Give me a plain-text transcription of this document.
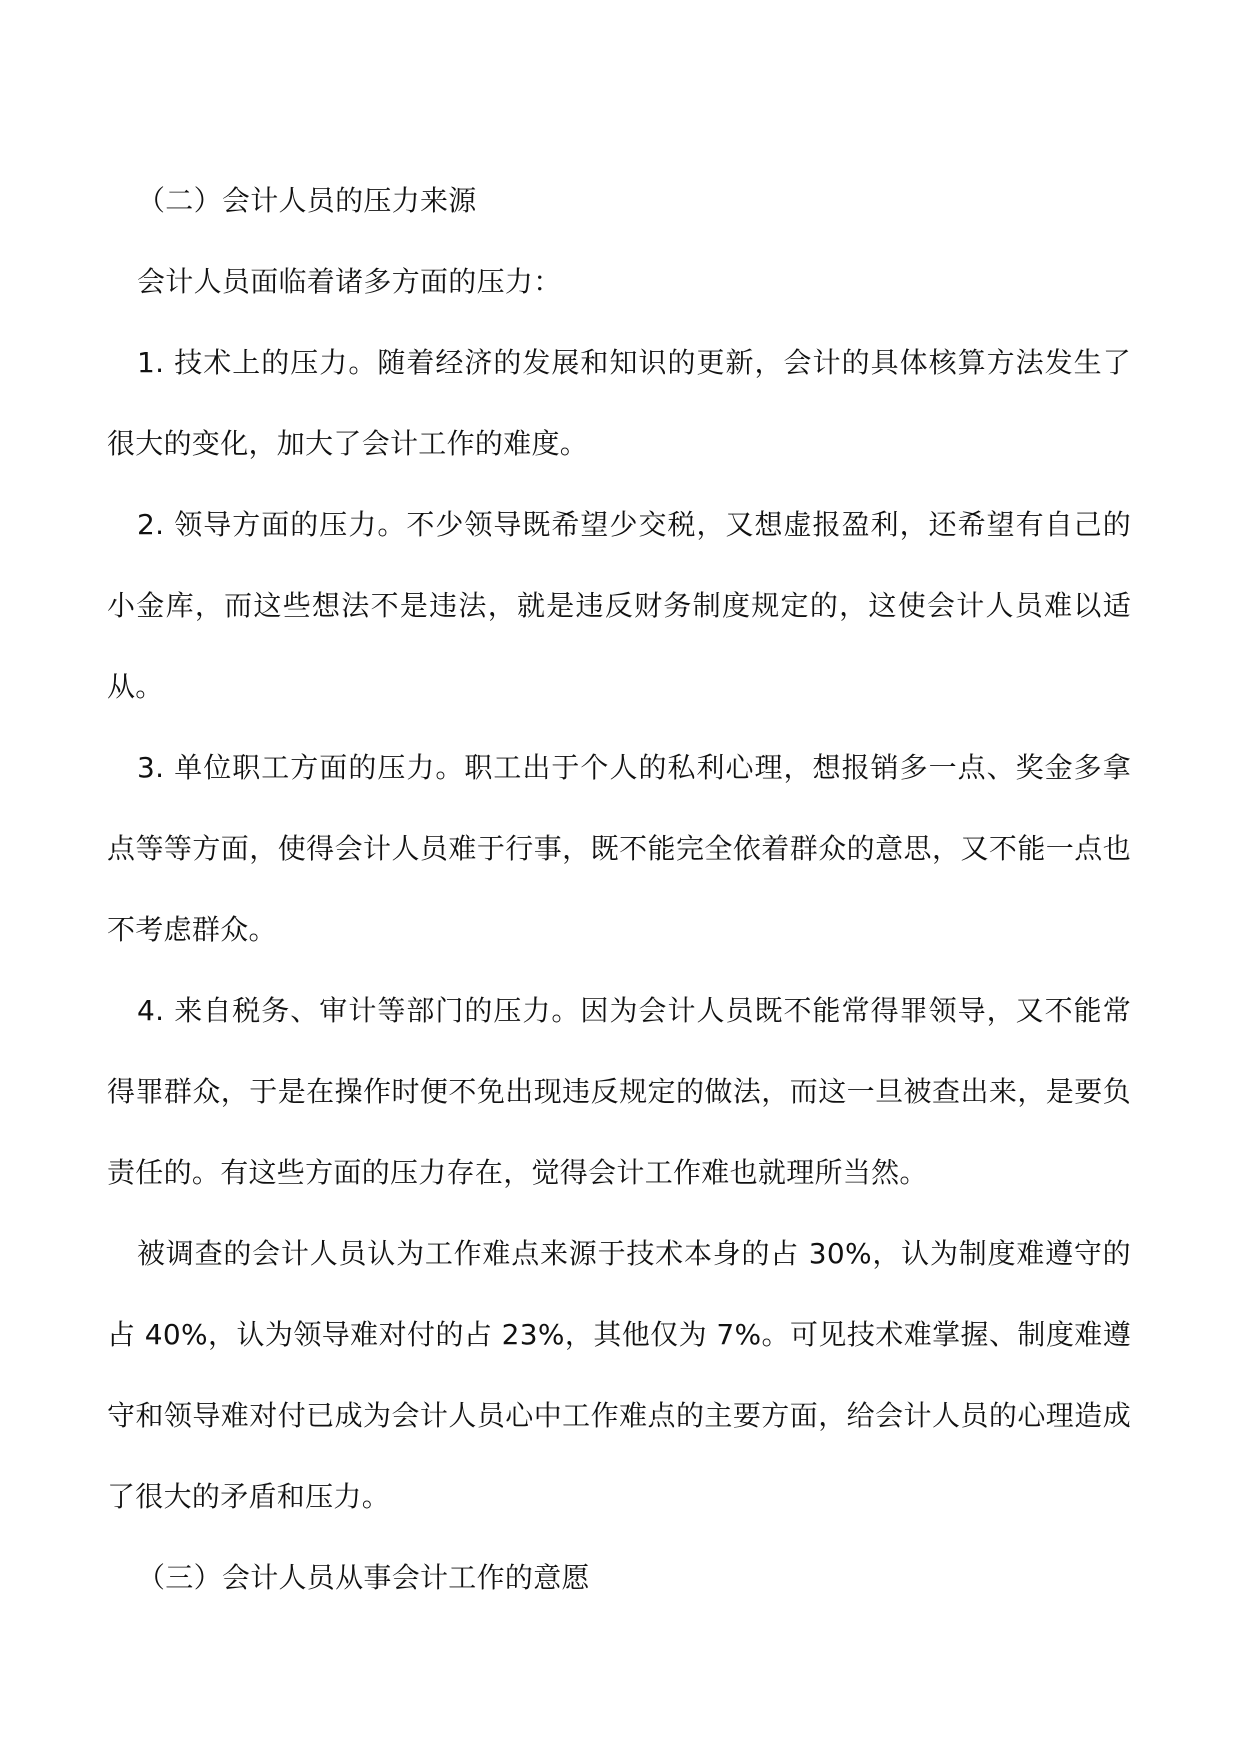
（二）会计人员的压力来源

会计人员面临着诸多方面的压力：

1. 技术上的压力。随着经济的发展和知识的更新，会计的具体核算方法发生了很大的变化，加大了会计工作的难度。

2. 领导方面的压力。不少领导既希望少交税，又想虚报盈利，还希望有自己的小金库，而这些想法不是违法，就是违反财务制度规定的，这使会计人员难以适从。

3. 单位职工方面的压力。职工出于个人的私利心理，想报销多一点、奖金多拿点等等方面，使得会计人员难于行事，既不能完全依着群众的意思，又不能一点也不考虑群众。

4. 来自税务、审计等部门的压力。因为会计人员既不能常得罪领导，又不能常得罪群众，于是在操作时便不免出现违反规定的做法，而这一旦被查出来，是要负责任的。有这些方面的压力存在，觉得会计工作难也就理所当然。

被调查的会计人员认为工作难点来源于技术本身的占 30%，认为制度难遵守的占 40%，认为领导难对付的占 23%，其他仅为 7%。可见技术难掌握、制度难遵守和领导难对付已成为会计人员心中工作难点的主要方面，给会计人员的心理造成了很大的矛盾和压力。

（三）会计人员从事会计工作的意愿
